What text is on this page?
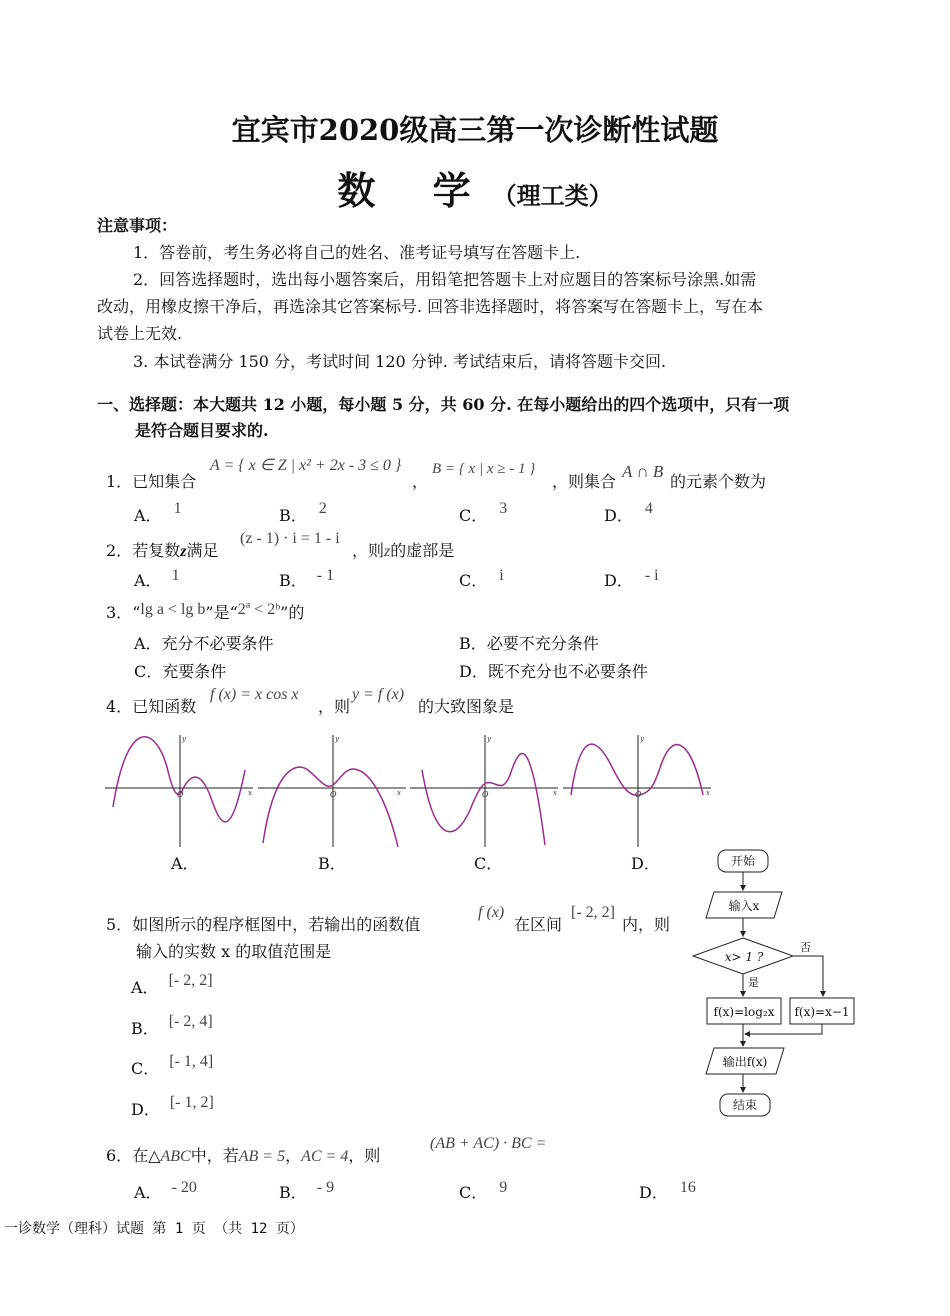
宜宾市2020级高三第一次诊断性试题
数 学（理工类）
注意事项：
1．答卷前，考生务必将自己的姓名、准考证号填写在答题卡上.
2．回答选择题时，选出每小题答案后，用铅笔把答题卡上对应题目的答案标号涂黑.如需
改动，用橡皮擦干净后，再选涂其它答案标号. 回答非选择题时，将答案写在答题卡上，写在本
试卷上无效.
3. 本试卷满分 150 分，考试时间 120 分钟. 考试结束后，请将答题卡交回.
一、选择题：本大题共 12 小题，每小题 5 分，共 60 分. 在每小题给出的四个选项中，只有一项
是符合题目要求的.
1．已知集合
A = { x ∈ Z | x² + 2x - 3 ≤ 0 }
，
B = { x | x ≥ - 1 }
，则集合
A ∩ B
的元素个数为
A． 1	B． 2	C． 3	D． 4
2．若复数z满足
(z - 1) · i = 1 - i
，则z的虚部是
A． 1	B． - 1	C． i	D． - i
3．“lg a < lg b”是“2ª < 2ᵇ”的
A．充分不必要条件	B．必要不充分条件
C．充要条件	D．既不充分也不必要条件
4．已知函数
f (x) = x cos x
，则
y = f (x)
的大致图象是
y
x
O
y
x
O
y
x
O
y
x
O
A．	B．	C．	D．
5．如图所示的程序框图中，若输出的函数值
f (x)
在区间
[- 2, 2]
内，则
输入的实数 x 的取值范围是
A． [- 2, 2]
B． [- 2, 4]
C． [- 1, 4]
D． [- 1, 2]
开始
输入x
x> 1 ?
否
是
f(x)=log₂x f(x)=x−1
输出f(x)
结束
6．在△ABC中，若AB = 5，AC = 4，则
(AB + AC) · BC =
A． - 20	B． - 9	C． 9	D． 16
一诊数学（理科）试题 第 1 页 （共 12 页）
